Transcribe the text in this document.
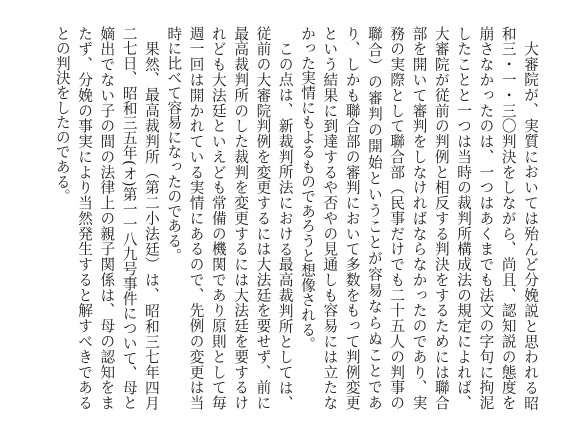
大審院が、実質においては殆んど分娩説と思われる昭和三・一・三〇判決をしながら、尚且、認知説の態度を崩さなかったのは、一つはあくまでも法文の字句に拘泥したことと一つは当時の裁判所構成法の規定によれば、大審院が従前の判例と相反する判決をするためには聯合部を開いて審判をしなければならなかったのであり、実務の実際として聯合部（民事だけでも二十五人の判事の聯合）の審判の開始ということが容易ならぬことであり、しかも聯合部の審判において多数をもって判例変更という結果に到達するや否やの見通しも容易には立たなかった実情にもよるものであろうと想像される。

この点は、新裁判所法における最高裁判所としては、従前の大審院判例を変更するには大法廷を要せず、前に最高裁判所のした裁判を変更するには大法廷を要するけれども大法廷といえども常備の機関であり原則として毎週一回は開かれている実情にあるので、先例の変更は当時に比べて容易になったのである。

果然、最高裁判所（第二小法廷）は、昭和三七年四月二七日、昭和三五年(オ)第一一八九号事件について、母と嫡出でない子の間の法律上の親子関係は、母の認知をまたず、分娩の事実により当然発生すると解すべきであるとの判決をしたのである。
